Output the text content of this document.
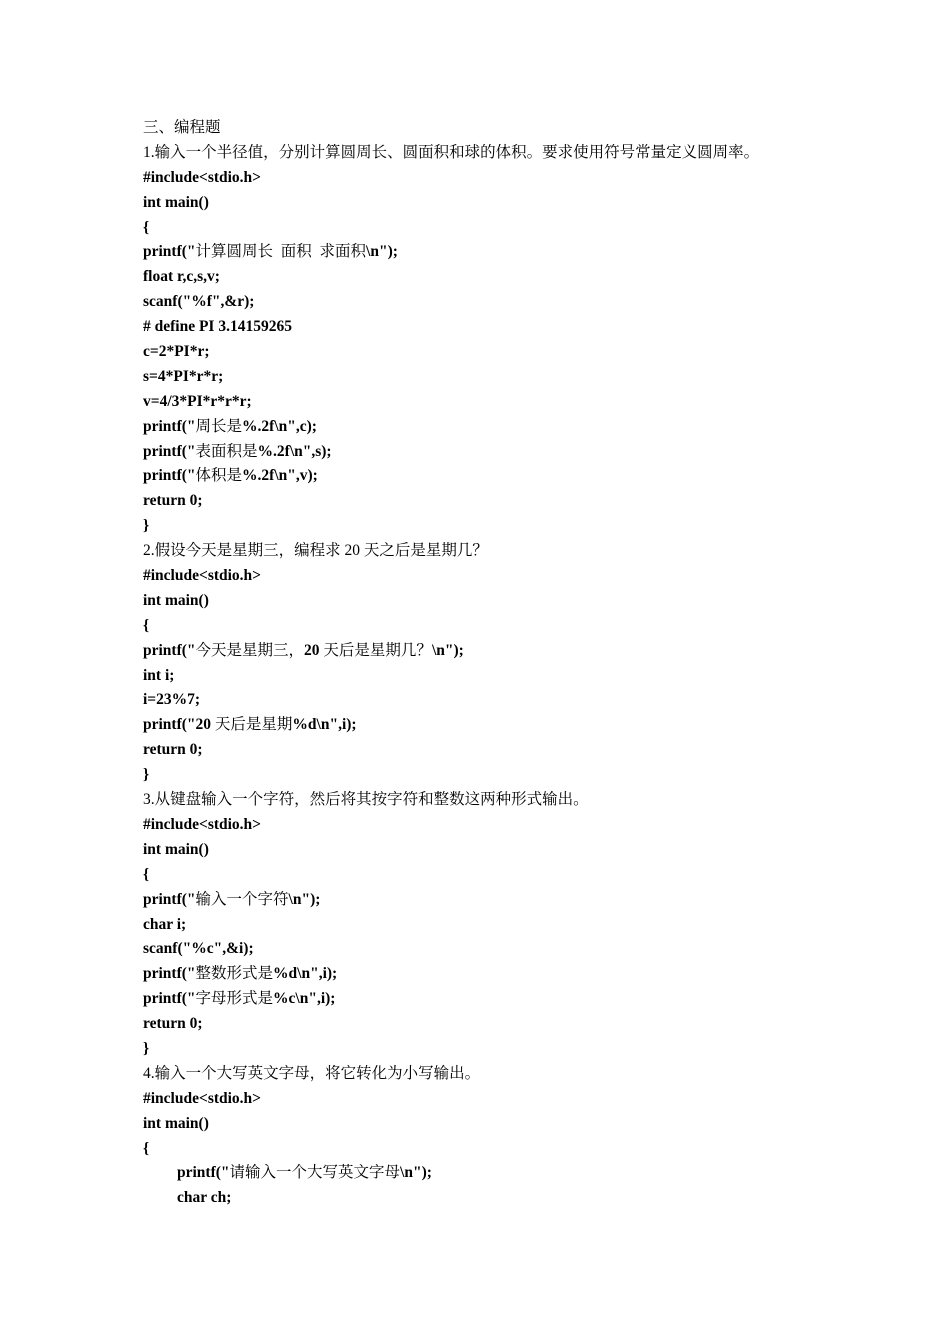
三、编程题
1.输入一个半径值，分别计算圆周长、圆面积和球的体积。要求使用符号常量定义圆周率。
#include<stdio.h>
int main()
{
printf("计算圆周长  面积  求面积\n");
float r,c,s,v;
scanf("%f",&r);
# define PI 3.14159265
c=2*PI*r;
s=4*PI*r*r;
v=4/3*PI*r*r*r;
printf("周长是%.2f\n",c);
printf("表面积是%.2f\n",s);
printf("体积是%.2f\n",v);
return 0;
}
2.假设今天是星期三，编程求 20 天之后是星期几？
#include<stdio.h>
int main()
{
printf("今天是星期三，20 天后是星期几？\n");
int i;
i=23%7;
printf("20 天后是星期%d\n",i);
return 0;
}
3.从键盘输入一个字符，然后将其按字符和整数这两种形式输出。
#include<stdio.h>
int main()
{
printf("输入一个字符\n");
char i;
scanf("%c",&i);
printf("整数形式是%d\n",i);
printf("字母形式是%c\n",i);
return 0;
}
4.输入一个大写英文字母，将它转化为小写输出。
#include<stdio.h>
int main()
{
printf("请输入一个大写英文字母\n");
char ch;
